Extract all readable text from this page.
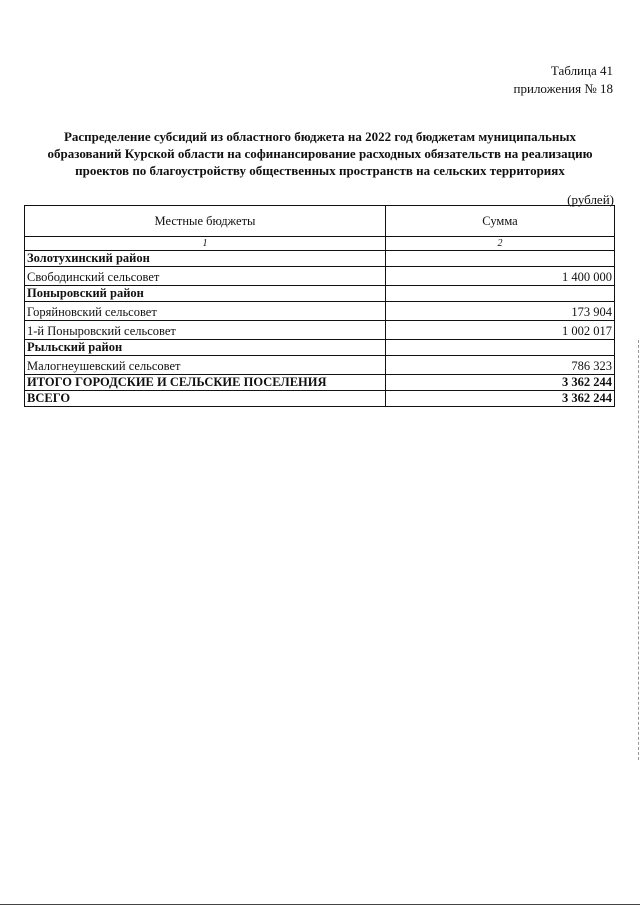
Таблица 41
приложения № 18
Распределение субсидий из областного бюджета на 2022 год бюджетам муниципальных образований Курской области на софинансирование расходных обязательств на реализацию проектов по благоустройству общественных пространств на сельских территориях
(рублей)
Местные бюджеты	Сумма
1	2
Золотухинский район	
Свободинский сельсовет	1 400 000
Поныровский район	
Горяйновский сельсовет	173 904
1-й Поныровский сельсовет	1 002 017
Рыльский район	
Малогнеушевский сельсовет	786 323
ИТОГО ГОРОДСКИЕ И СЕЛЬСКИЕ ПОСЕЛЕНИЯ	3 362 244
ВСЕГО	3 362 244
